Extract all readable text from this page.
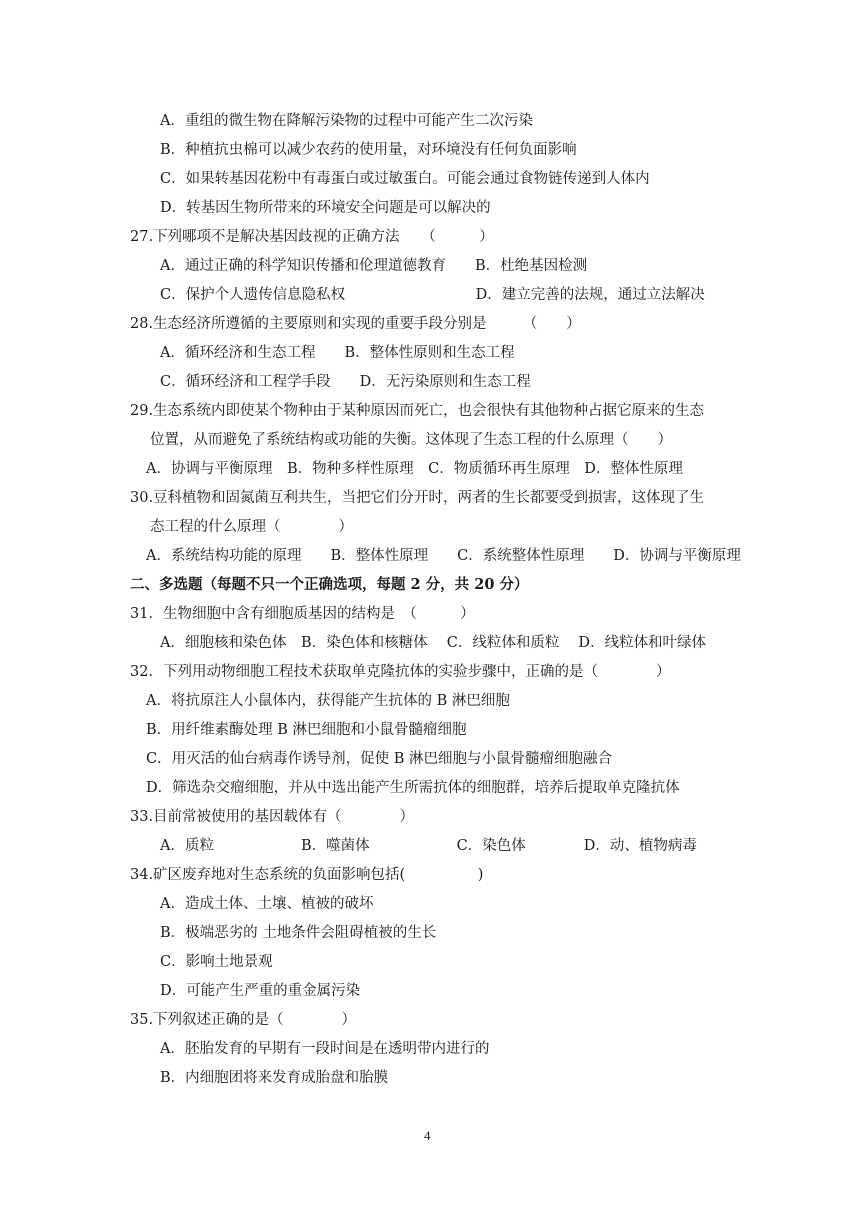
A．重组的微生物在降解污染物的过程中可能产生二次污染
B．种植抗虫棉可以减少农药的使用量，对环境没有任何负面影响
C．如果转基因花粉中有毒蛋白或过敏蛋白。可能会通过食物链传递到人体内
D．转基因生物所带来的环境安全问题是可以解决的
27.下列哪项不是解决基因歧视的正确方法　　（　　　）
A．通过正确的科学知识传播和伦理道德教育　　B．杜绝基因检测
C．保护个人遗传信息隐私权　　　　　　　　　D．建立完善的法规，通过立法解决
28.生态经济所遵循的主要原则和实现的重要手段分别是　　　（　　）
A．循环经济和生态工程　　B．整体性原则和生态工程
C．循环经济和工程学手段　　D．无污染原则和生态工程
29.生态系统内即使某个物种由于某种原因而死亡，也会很快有其他物种占据它原来的生态
位置，从而避免了系统结构或功能的失衡。这体现了生态工程的什么原理（　　）
A．协调与平衡原理　B．物种多样性原理　C．物质循环再生原理　D．整体性原理
30.豆科植物和固氮菌互利共生，当把它们分开时，两者的生长都要受到损害，这体现了生
态工程的什么原理（　　　　）
A．系统结构功能的原理　　B．整体性原理　　C．系统整体性原理　　D．协调与平衡原理
二、多选题（每题不只一个正确选项，每题 2 分，共 20 分）
31．生物细胞中含有细胞质基因的结构是　（　　　）
A．细胞核和染色体　B．染色体和核糖体　 C．线粒体和质粒　 D．线粒体和叶绿体
32．下列用动物细胞工程技术获取单克隆抗体的实验步骤中，正确的是（　　　　）
A．将抗原注人小鼠体内，获得能产生抗体的 B 淋巴细胞
B．用纤维素酶处理 B 淋巴细胞和小鼠骨髓瘤细胞
C．用灭活的仙台病毒作诱导剂，促使 B 淋巴细胞与小鼠骨髓瘤细胞融合
D．筛选杂交瘤细胞，并从中选出能产生所需抗体的细胞群，培养后提取单克隆抗体
33.目前常被使用的基因载体有（　　　　）
A．质粒　　　　　　B．噬菌体　　　　　　C．染色体　　　　D．动、植物病毒
34.矿区废弃地对生态系统的负面影响包括(　　　　　)
A．造成土体、土壤、植被的破坏
B．极端恶劣的 土地条件会阻碍植被的生长
C．影响土地景观
D．可能产生严重的重金属污染
35.下列叙述正确的是（　　　　）
A．胚胎发育的早期有一段时间是在透明带内进行的
B．内细胞团将来发育成胎盘和胎膜
4
